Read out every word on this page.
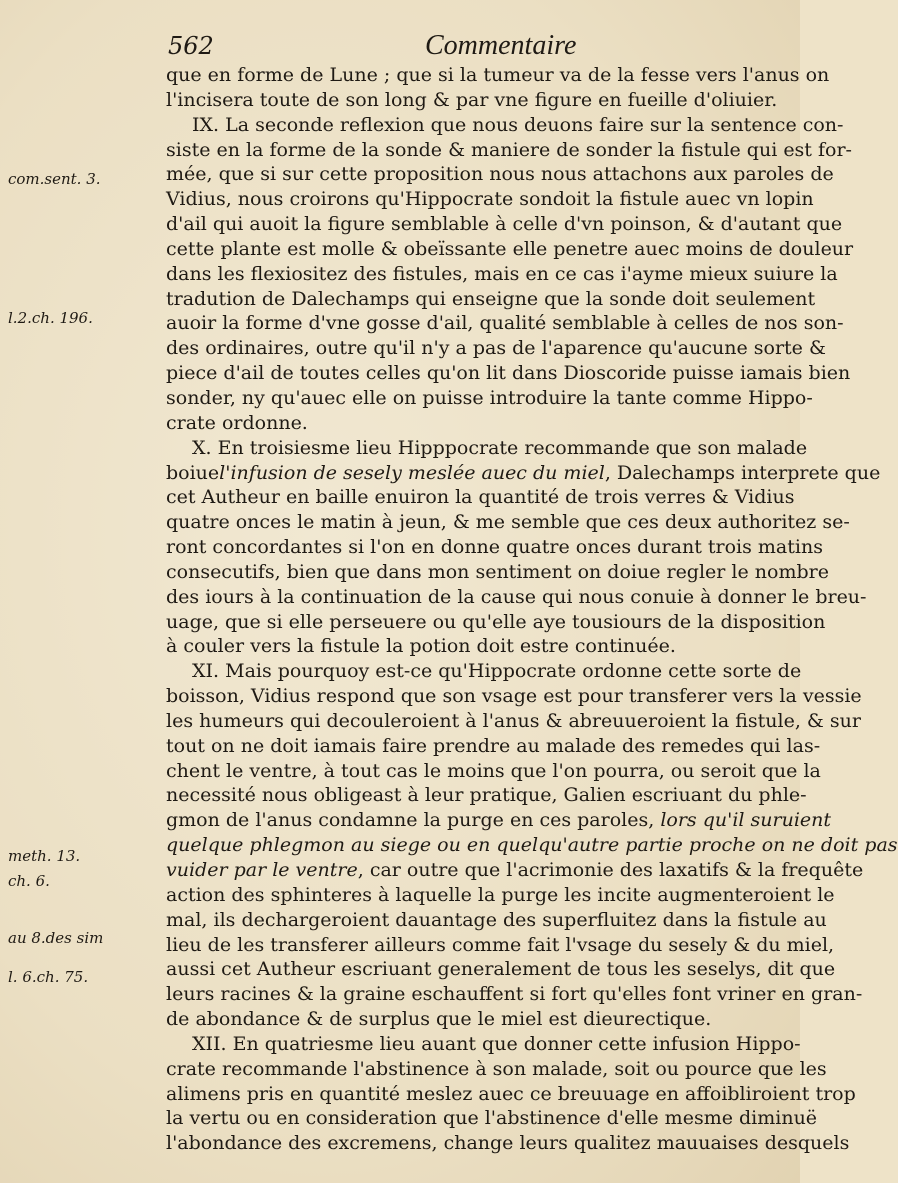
562	Commentaire
com.sent. 3.
l.2.ch. 196.
meth. 13.
ch. 6.
au 8.des sim
l. 6.ch. 75.
que en forme de Lune ; que si la tumeur va de la fesse vers l'anus on
l'incisera toute de son long & par vne figure en fueille d'oliuier.
IX. La seconde reflexion que nous deuons faire sur la sentence con-
siste en la forme de la sonde & maniere de sonder la fistule qui est for-
mée, que si sur cette proposition nous nous attachons aux paroles de
Vidius, nous croirons qu'Hippocrate sondoit la fistule auec vn lopin
d'ail qui auoit la figure semblable à celle d'vn poinson, & d'autant que
cette plante est molle & obeïssante elle penetre auec moins de douleur
dans les flexiositez des fistules, mais en ce cas i'ayme mieux suiure la
tradution de Dalechamps qui enseigne que la sonde doit seulement
auoir la forme d'vne gosse d'ail, qualité semblable à celles de nos son-
des ordinaires, outre qu'il n'y a pas de l'aparence qu'aucune sorte &
piece d'ail de toutes celles qu'on lit dans Dioscoride puisse iamais bien
sonder, ny qu'auec elle on puisse introduire la tante comme Hippo-
crate ordonne.
X. En troisiesme lieu Hipppocrate recommande que son malade
boiuel'infusion de sesely meslée auec du miel, Dalechamps interprete que
cet Autheur en baille enuiron la quantité de trois verres & Vidius
quatre onces le matin à jeun, & me semble que ces deux authoritez se-
ront concordantes si l'on en donne quatre onces durant trois matins
consecutifs, bien que dans mon sentiment on doiue regler le nombre
des iours à la continuation de la cause qui nous conuie à donner le breu-
uage, que si elle perseuere ou qu'elle aye tousiours de la disposition
à couler vers la fistule la potion doit estre continuée.
XI. Mais pourquoy est-ce qu'Hippocrate ordonne cette sorte de
boisson, Vidius respond que son vsage est pour transferer vers la vessie
les humeurs qui decouleroient à l'anus & abreuueroient la fistule, & sur
tout on ne doit iamais faire prendre au malade des remedes qui las-
chent le ventre, à tout cas le moins que l'on pourra, ou seroit que la
necessité nous obligeast à leur pratique, Galien escriuant du phle-
gmon de l'anus condamne la purge en ces paroles, lors qu'il suruient
quelque phlegmon au siege ou en quelqu'autre partie proche on ne doit pas
vuider par le ventre, car outre que l'acrimonie des laxatifs & la frequête
action des sphinteres à laquelle la purge les incite augmenteroient le
mal, ils dechargeroient dauantage des superfluitez dans la fistule au
lieu de les transferer ailleurs comme fait l'vsage du sesely & du miel,
aussi cet Autheur escriuant generalement de tous les seselys, dit que
leurs racines & la graine eschauffent si fort qu'elles font vriner en gran-
de abondance & de surplus que le miel est dieurectique.
XII. En quatriesme lieu auant que donner cette infusion Hippo-
crate recommande l'abstinence à son malade, soit ou pource que les
alimens pris en quantité meslez auec ce breuuage en affoibliroient trop
la vertu ou en consideration que l'abstinence d'elle mesme diminuë
l'abondance des excremens, change leurs qualitez mauuaises desquels
